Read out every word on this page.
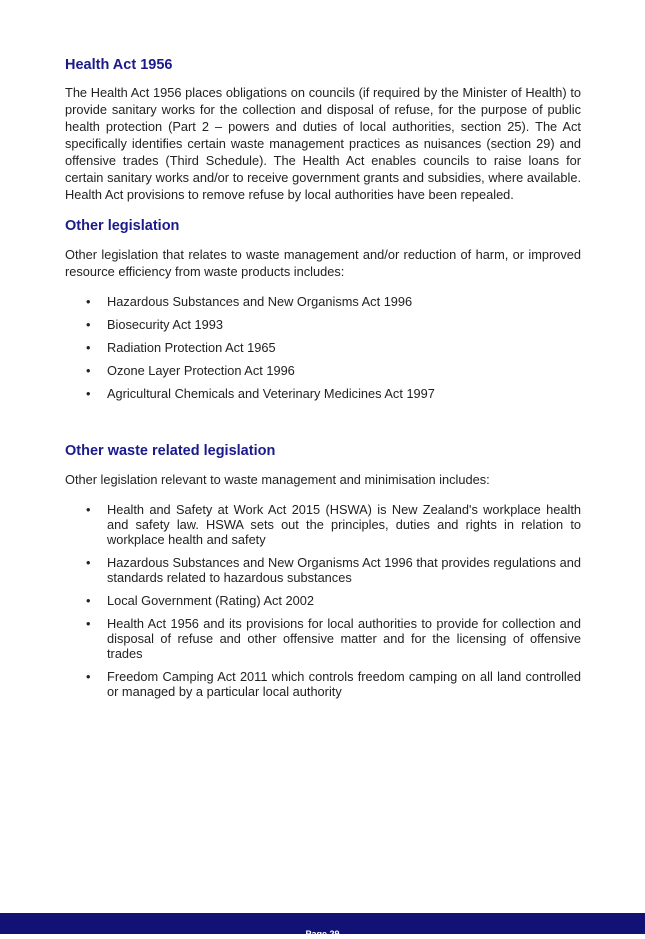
Health Act 1956

The Health Act 1956 places obligations on councils (if required by the Minister of Health) to provide sanitary works for the collection and disposal of refuse, for the purpose of public health protection (Part 2 – powers and duties of local authorities, section 25). The Act specifically identifies certain waste management practices as nuisances (section 29) and offensive trades (Third Schedule). The Health Act enables councils to raise loans for certain sanitary works and/or to receive government grants and subsidies, where available. Health Act provisions to remove refuse by local authorities have been repealed.

Other legislation

Other legislation that relates to waste management and/or reduction of harm, or improved resource efficiency from waste products includes:

• Hazardous Substances and New Organisms Act 1996
• Biosecurity Act 1993
• Radiation Protection Act 1965
• Ozone Layer Protection Act 1996
• Agricultural Chemicals and Veterinary Medicines Act 1997
Other waste related legislation

Other legislation relevant to waste management and minimisation includes:

• Health and Safety at Work Act 2015 (HSWA) is New Zealand's workplace health and safety law. HSWA sets out the principles, duties and rights in relation to workplace health and safety
• Hazardous Substances and New Organisms Act 1996 that provides regulations and standards related to hazardous substances
• Local Government (Rating) Act 2002
• Health Act 1956 and its provisions for local authorities to provide for collection and disposal of refuse and other offensive matter and for the licensing of offensive trades
• Freedom Camping Act 2011 which controls freedom camping on all land controlled or managed by a particular local authority
Page 29
